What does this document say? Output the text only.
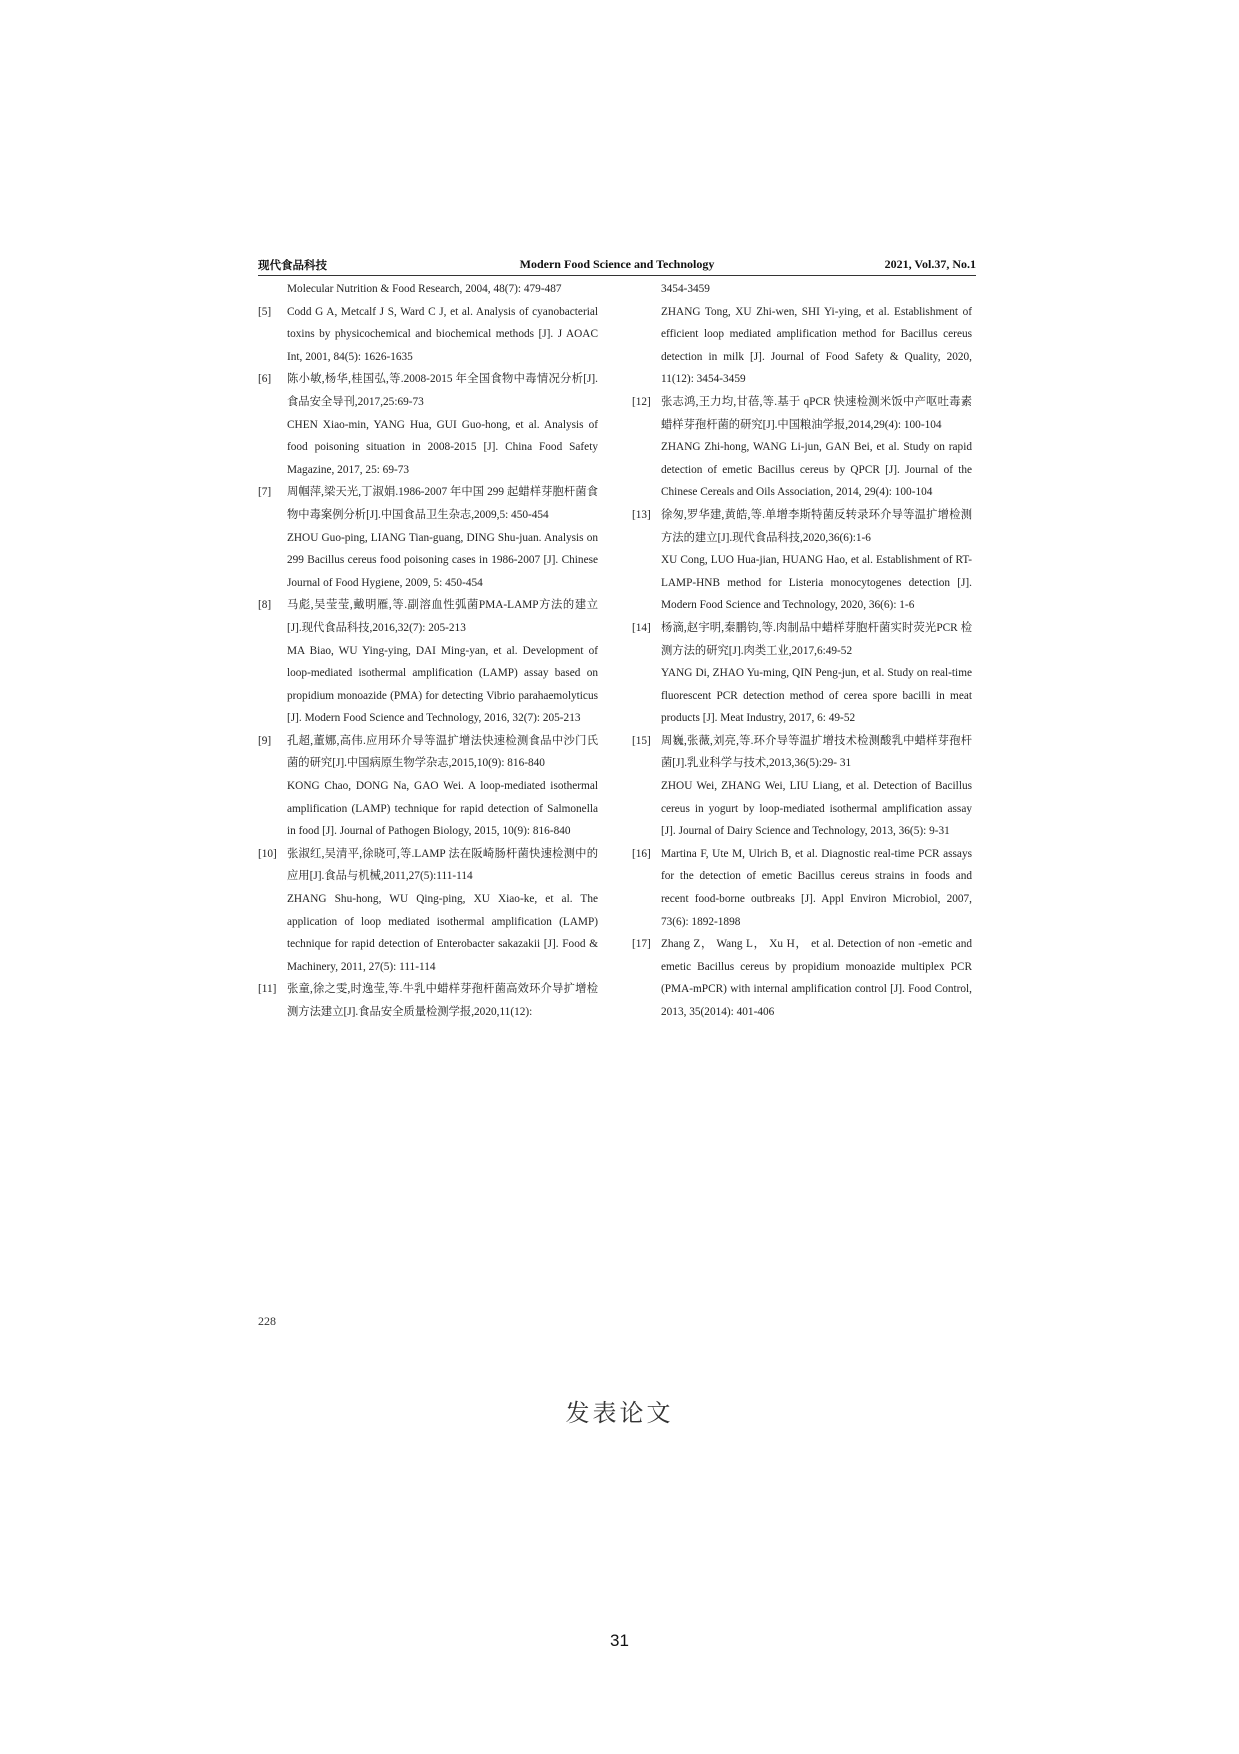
现代食品科技	Modern Food Science and Technology	2021, Vol.37, No.1
Molecular Nutrition & Food Research, 2004, 48(7): 479-487
[5] Codd G A, Metcalf J S, Ward C J, et al. Analysis of cyanobacterial toxins by physicochemical and biochemical methods [J]. J AOAC Int, 2001, 84(5): 1626-1635
[6] 陈小敏,杨华,桂国弘,等.2008-2015 年全国食物中毒情况分析[J].食品安全导刊,2017,25:69-73
CHEN Xiao-min, YANG Hua, GUI Guo-hong, et al. Analysis of food poisoning situation in 2008-2015 [J]. China Food Safety Magazine, 2017, 25: 69-73
[7] 周帼萍,梁天光,丁淑娟.1986-2007 年中国 299 起蜡样芽胞杆菌食物中毒案例分析[J].中国食品卫生杂志,2009,5: 450-454
ZHOU Guo-ping, LIANG Tian-guang, DING Shu-juan. Analysis on 299 Bacillus cereus food poisoning cases in 1986-2007 [J]. Chinese Journal of Food Hygiene, 2009, 5: 450-454
[8] 马彪,吴莹莹,戴明雁,等.副溶血性弧菌PMA-LAMP方法的建立[J].现代食品科技,2016,32(7): 205-213
MA Biao, WU Ying-ying, DAI Ming-yan, et al. Development of loop-mediated isothermal amplification (LAMP) assay based on propidium monoazide (PMA) for detecting Vibrio parahaemolyticus [J]. Modern Food Science and Technology, 2016, 32(7): 205-213
[9] 孔超,董娜,高伟.应用环介导等温扩增法快速检测食品中沙门氏菌的研究[J].中国病原生物学杂志,2015,10(9): 816-840
KONG Chao, DONG Na, GAO Wei. A loop-mediated isothermal amplification (LAMP) technique for rapid detection of Salmonella in food [J]. Journal of Pathogen Biology, 2015, 10(9): 816-840
[10] 张淑红,吴清平,徐晓可,等.LAMP 法在阪崎肠杆菌快速检测中的应用[J].食品与机械,2011,27(5):111-114
ZHANG Shu-hong, WU Qing-ping, XU Xiao-ke, et al. The application of loop mediated isothermal amplification (LAMP) technique for rapid detection of Enterobacter sakazakii [J]. Food & Machinery, 2011, 27(5): 111-114
[11] 张童,徐之雯,时逸莹,等.牛乳中蜡样芽孢杆菌高效环介导扩增检测方法建立[J].食品安全质量检测学报,2020,11(12):
3454-3459
ZHANG Tong, XU Zhi-wen, SHI Yi-ying, et al. Establishment of efficient loop mediated amplification method for Bacillus cereus detection in milk [J]. Journal of Food Safety & Quality, 2020, 11(12): 3454-3459
[12] 张志鸿,王力均,甘蓓,等.基于 qPCR 快速检测米饭中产呕吐毒素蜡样芽孢杆菌的研究[J].中国粮油学报,2014,29(4): 100-104
ZHANG Zhi-hong, WANG Li-jun, GAN Bei, et al. Study on rapid detection of emetic Bacillus cereus by QPCR [J]. Journal of the Chinese Cereals and Oils Association, 2014, 29(4): 100-104
[13] 徐匆,罗华建,黄皓,等.单增李斯特菌反转录环介导等温扩增检测方法的建立[J].现代食品科技,2020,36(6):1-6
XU Cong, LUO Hua-jian, HUANG Hao, et al. Establishment of RT-LAMP-HNB method for Listeria monocytogenes detection [J]. Modern Food Science and Technology, 2020, 36(6): 1-6
[14] 杨滴,赵宇明,秦鹏钧,等.肉制品中蜡样芽胞杆菌实时荧光PCR 检测方法的研究[J].肉类工业,2017,6:49-52
YANG Di, ZHAO Yu-ming, QIN Peng-jun, et al. Study on real-time fluorescent PCR detection method of cerea spore bacilli in meat products [J]. Meat Industry, 2017, 6: 49-52
[15] 周巍,张薇,刘亮,等.环介导等温扩增技术检测酸乳中蜡样芽孢杆菌[J].乳业科学与技术,2013,36(5):29- 31
ZHOU Wei, ZHANG Wei, LIU Liang, et al. Detection of Bacillus cereus in yogurt by loop-mediated isothermal amplification assay [J]. Journal of Dairy Science and Technology, 2013, 36(5): 9-31
[16] Martina F, Ute M, Ulrich B, et al. Diagnostic real-time PCR assays for the detection of emetic Bacillus cereus strains in foods and recent food-borne outbreaks [J]. Appl Environ Microbiol, 2007, 73(6): 1892-1898
[17] Zhang Z， Wang L， Xu H， et al. Detection of non -emetic and emetic Bacillus cereus by propidium monoazide multiplex PCR (PMA-mPCR) with internal amplification control [J]. Food Control, 2013, 35(2014): 401-406
228
发表论文
31
